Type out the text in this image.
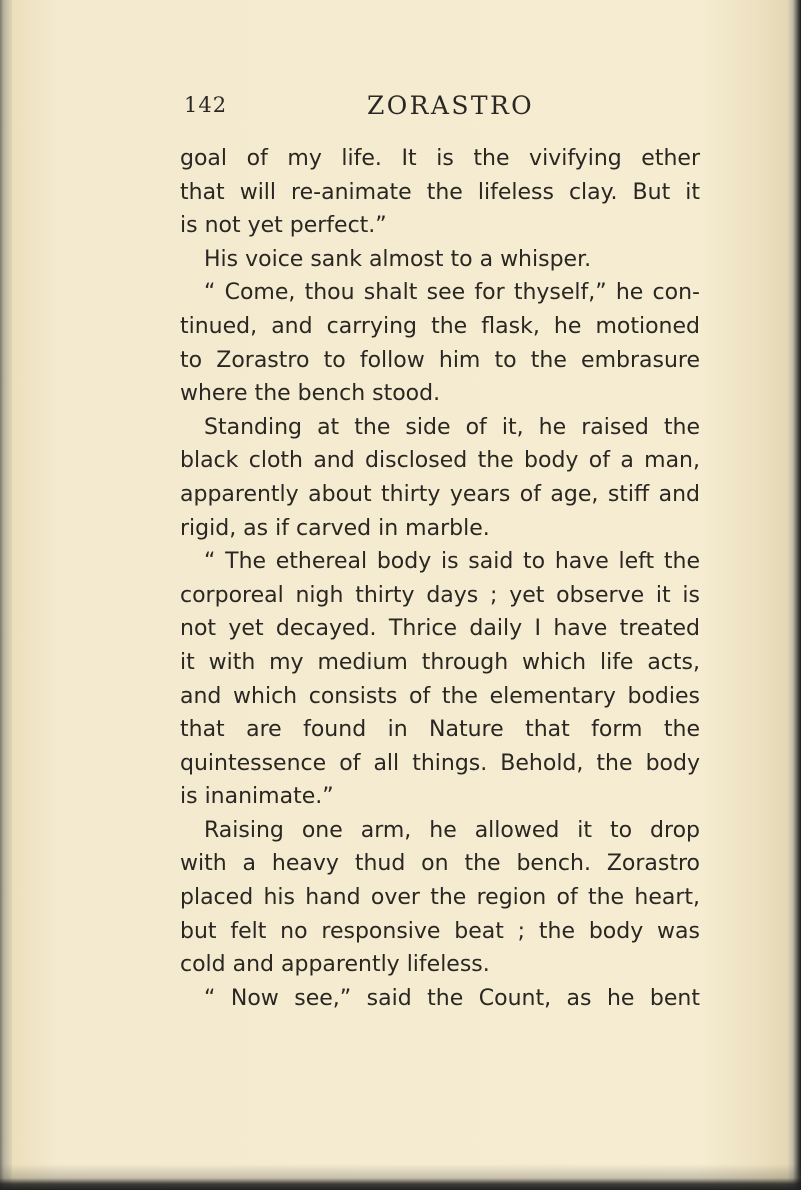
142	ZORASTRO
goal of my life. It is the vivifying ether
that will re-animate the lifeless clay. But it
is not yet perfect.”
His voice sank almost to a whisper.
“ Come, thou shalt see for thyself,” he con-
tinued, and carrying the flask, he motioned
to Zorastro to follow him to the embrasure
where the bench stood.
Standing at the side of it, he raised the
black cloth and disclosed the body of a man,
apparently about thirty years of age, stiff and
rigid, as if carved in marble.
“ The ethereal body is said to have left the
corporeal nigh thirty days ; yet observe it is
not yet decayed. Thrice daily I have treated
it with my medium through which life acts,
and which consists of the elementary bodies
that are found in Nature that form the
quintessence of all things. Behold, the body
is inanimate.”
Raising one arm, he allowed it to drop
with a heavy thud on the bench. Zorastro
placed his hand over the region of the heart,
but felt no responsive beat ; the body was
cold and apparently lifeless.
“ Now see,” said the Count, as he bent
